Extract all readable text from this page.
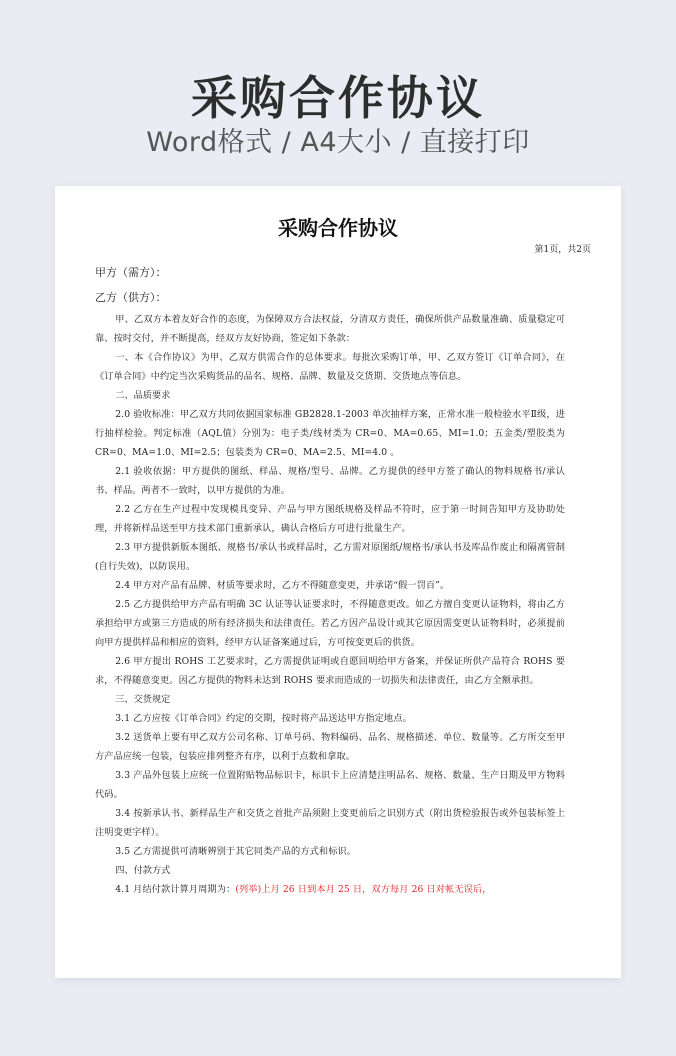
采购合作协议
Word格式 / A4大小 / 直接打印
采购合作协议
第1页，共2页
甲方（需方）：
乙方（供方）：

甲、乙双方本着友好合作的态度，为保障双方合法权益，分清双方责任，确保所供产品数量准确、质量稳定可靠、按时交付，并不断提高，经双方友好协商，签定如下条款：

一、本《合作协议》为甲、乙双方供需合作的总体要求。每批次采购订单，甲、乙双方签订《订单合同》，在《订单合同》中约定当次采购货品的品名、规格、品牌、数量及交货期、交货地点等信息。

二、品质要求

2.0 验收标准：甲乙双方共同依据国家标准 GB2828.1-2003 单次抽样方案，正常水准一般检验水平Ⅱ级，进行抽样检验。判定标准（AQL值）分别为：电子类/线材类为 CR=0、MA=0.65、MI=1.0；五金类/塑胶类为 CR=0、MA=1.0、MI=2.5；包装类为 CR=0、MA=2.5、MI=4.0 。

2.1 验收依据：甲方提供的图纸、样品、规格/型号、品牌。乙方提供的经甲方签了确认的物料规格书/承认书、样品。两者不一致时，以甲方提供的为准。

2.2 乙方在生产过程中发现模具变异、产品与甲方图纸规格及样品不符时，应于第一时间告知甲方及协助处理，并将新样品送至甲方技术部门重新承认，确认合格后方可进行批量生产。

2.3 甲方提供新版本图纸、规格书/承认书或样品时，乙方需对原图纸/规格书/承认书及库品作废止和隔离管制(自行失效)，以防误用。

2.4 甲方对产品有品牌、材质等要求时，乙方不得随意变更，并承诺“假一罚百”。

2.5 乙方提供给甲方产品有明确 3C 认证等认证要求时，不得随意更改。如乙方擅自变更认证物料，将由乙方承担给甲方或第三方造成的所有经济损失和法律责任。若乙方因产品设计或其它原因需变更认证物料时，必须提前向甲方提供样品和相应的资料，经甲方认证备案通过后，方可按变更后的供货。

2.6 甲方提出 ROHS 工艺要求时，乙方需提供证明或自愿回明给甲方备案，并保证所供产品符合 ROHS 要求，不得随意变更。因乙方提供的物料未达到 ROHS 要求而造成的一切损失和法律责任，由乙方全额承担。

三、交货规定

3.1 乙方应按《订单合同》约定的交期，按时将产品送达甲方指定地点。

3.2 送货单上要有甲乙双方公司名称、订单号码、物料编码、品名、规格描述、单位、数量等。乙方所交至甲方产品应统一包装，包装应排列整齐有序，以利于点数和拿取。

3.3 产品外包装上应统一位置附贴物品标识卡，标识卡上应清楚注明品名、规格、数量、生产日期及甲方物料代码。

3.4 按新承认书、新样品生产和交货之首批产品须附上变更前后之识别方式（附出货检验报告或外包装标签上注明变更字样）。

3.5 乙方需提供可清晰辨别于其它同类产品的方式和标识。

四、付款方式

4.1 月结付款计算月周期为：(列举)上月 26 日到本月 25 日，双方每月 26 日对帐无误后，
